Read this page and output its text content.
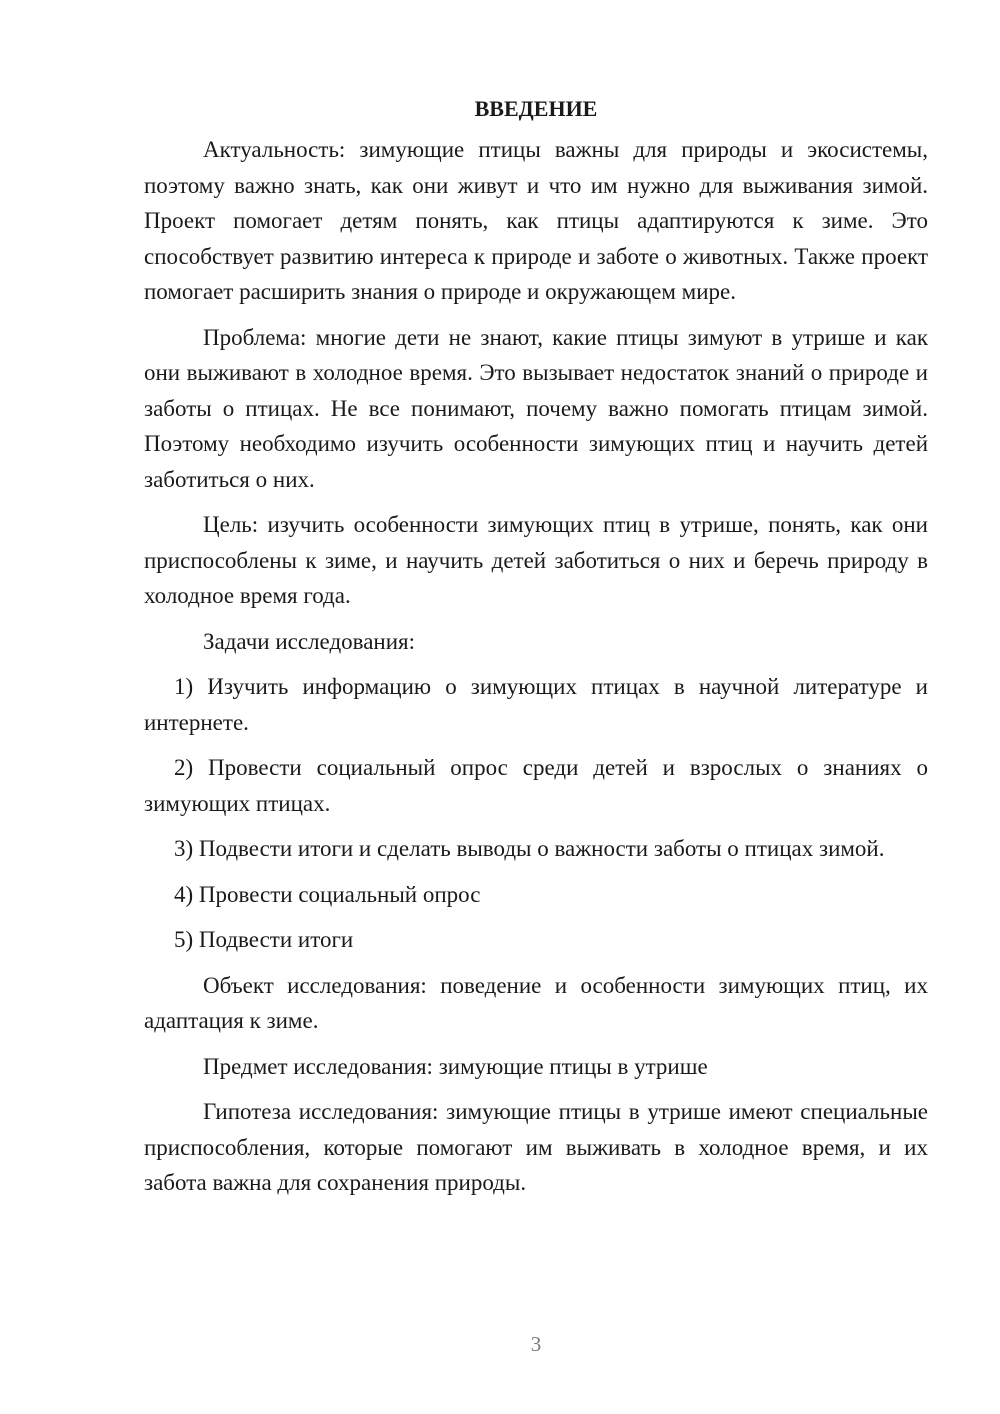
ВВЕДЕНИЕ

Актуальность: зимующие птицы важны для природы и экосистемы, поэтому важно знать, как они живут и что им нужно для выживания зимой. Проект помогает детям понять, как птицы адаптируются к зиме. Это способствует развитию интереса к природе и заботе о животных. Также проект помогает расширить знания о природе и окружающем мире.

Проблема: многие дети не знают, какие птицы зимуют в утрише и как они выживают в холодное время. Это вызывает недостаток знаний о природе и заботы о птицах. Не все понимают, почему важно помогать птицам зимой. Поэтому необходимо изучить особенности зимующих птиц и научить детей заботиться о них.

Цель: изучить особенности зимующих птиц в утрише, понять, как они приспособлены к зиме, и научить детей заботиться о них и беречь природу в холодное время года.

Задачи исследования:

1) Изучить информацию о зимующих птицах в научной литературе и интернете.

2) Провести социальный опрос среди детей и взрослых о знаниях о зимующих птицах.

3) Подвести итоги и сделать выводы о важности заботы о птицах зимой.

4) Провести социальный опрос

5) Подвести итоги

Объект исследования: поведение и особенности зимующих птиц, их адаптация к зиме.

Предмет исследования: зимующие птицы в утрише

Гипотеза исследования: зимующие птицы в утрише имеют специальные приспособления, которые помогают им выживать в холодное время, и их забота важна для сохранения природы.

3
